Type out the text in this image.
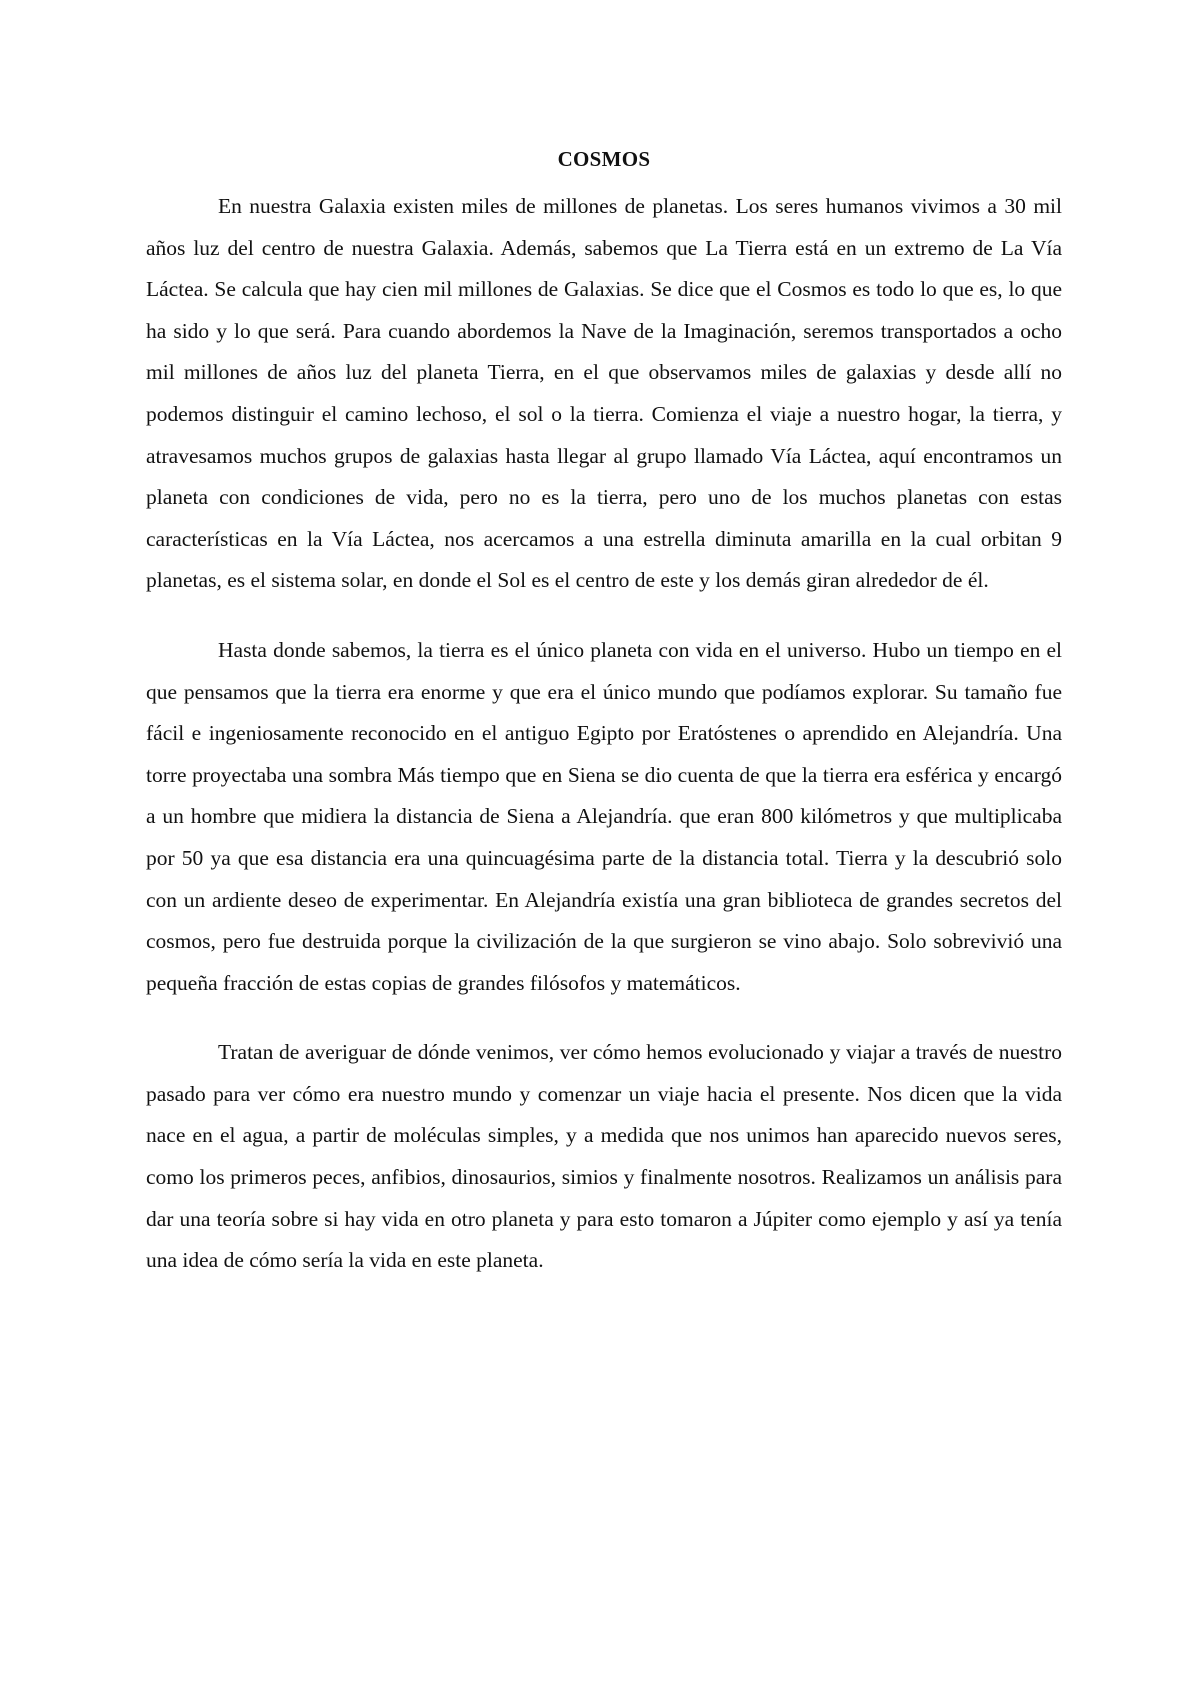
COSMOS

En nuestra Galaxia existen miles de millones de planetas. Los seres humanos vivimos a 30 mil años luz del centro de nuestra Galaxia. Además, sabemos que La Tierra está en un extremo de La Vía Láctea. Se calcula que hay cien mil millones de Galaxias. Se dice que el Cosmos es todo lo que es, lo que ha sido y lo que será. Para cuando abordemos la Nave de la Imaginación, seremos transportados a ocho mil millones de años luz del planeta Tierra, en el que observamos miles de galaxias y desde allí no podemos distinguir el camino lechoso, el sol o la tierra. Comienza el viaje a nuestro hogar, la tierra, y atravesamos muchos grupos de galaxias hasta llegar al grupo llamado Vía Láctea, aquí encontramos un planeta con condiciones de vida, pero no es la tierra, pero uno de los muchos planetas con estas características en la Vía Láctea, nos acercamos a una estrella diminuta amarilla en la cual orbitan 9 planetas, es el sistema solar, en donde el Sol es el centro de este y los demás giran alrededor de él.

Hasta donde sabemos, la tierra es el único planeta con vida en el universo. Hubo un tiempo en el que pensamos que la tierra era enorme y que era el único mundo que podíamos explorar. Su tamaño fue fácil e ingeniosamente reconocido en el antiguo Egipto por Eratóstenes o aprendido en Alejandría. Una torre proyectaba una sombra Más tiempo que en Siena se dio cuenta de que la tierra era esférica y encargó a un hombre que midiera la distancia de Siena a Alejandría. que eran 800 kilómetros y que multiplicaba por 50 ya que esa distancia era una quincuagésima parte de la distancia total. Tierra y la descubrió solo con un ardiente deseo de experimentar. En Alejandría existía una gran biblioteca de grandes secretos del cosmos, pero fue destruida porque la civilización de la que surgieron se vino abajo. Solo sobrevivió una pequeña fracción de estas copias de grandes filósofos y matemáticos.

Tratan de averiguar de dónde venimos, ver cómo hemos evolucionado y viajar a través de nuestro pasado para ver cómo era nuestro mundo y comenzar un viaje hacia el presente. Nos dicen que la vida nace en el agua, a partir de moléculas simples, y a medida que nos unimos han aparecido nuevos seres, como los primeros peces, anfibios, dinosaurios, simios y finalmente nosotros. Realizamos un análisis para dar una teoría sobre si hay vida en otro planeta y para esto tomaron a Júpiter como ejemplo y así ya tenía una idea de cómo sería la vida en este planeta.
